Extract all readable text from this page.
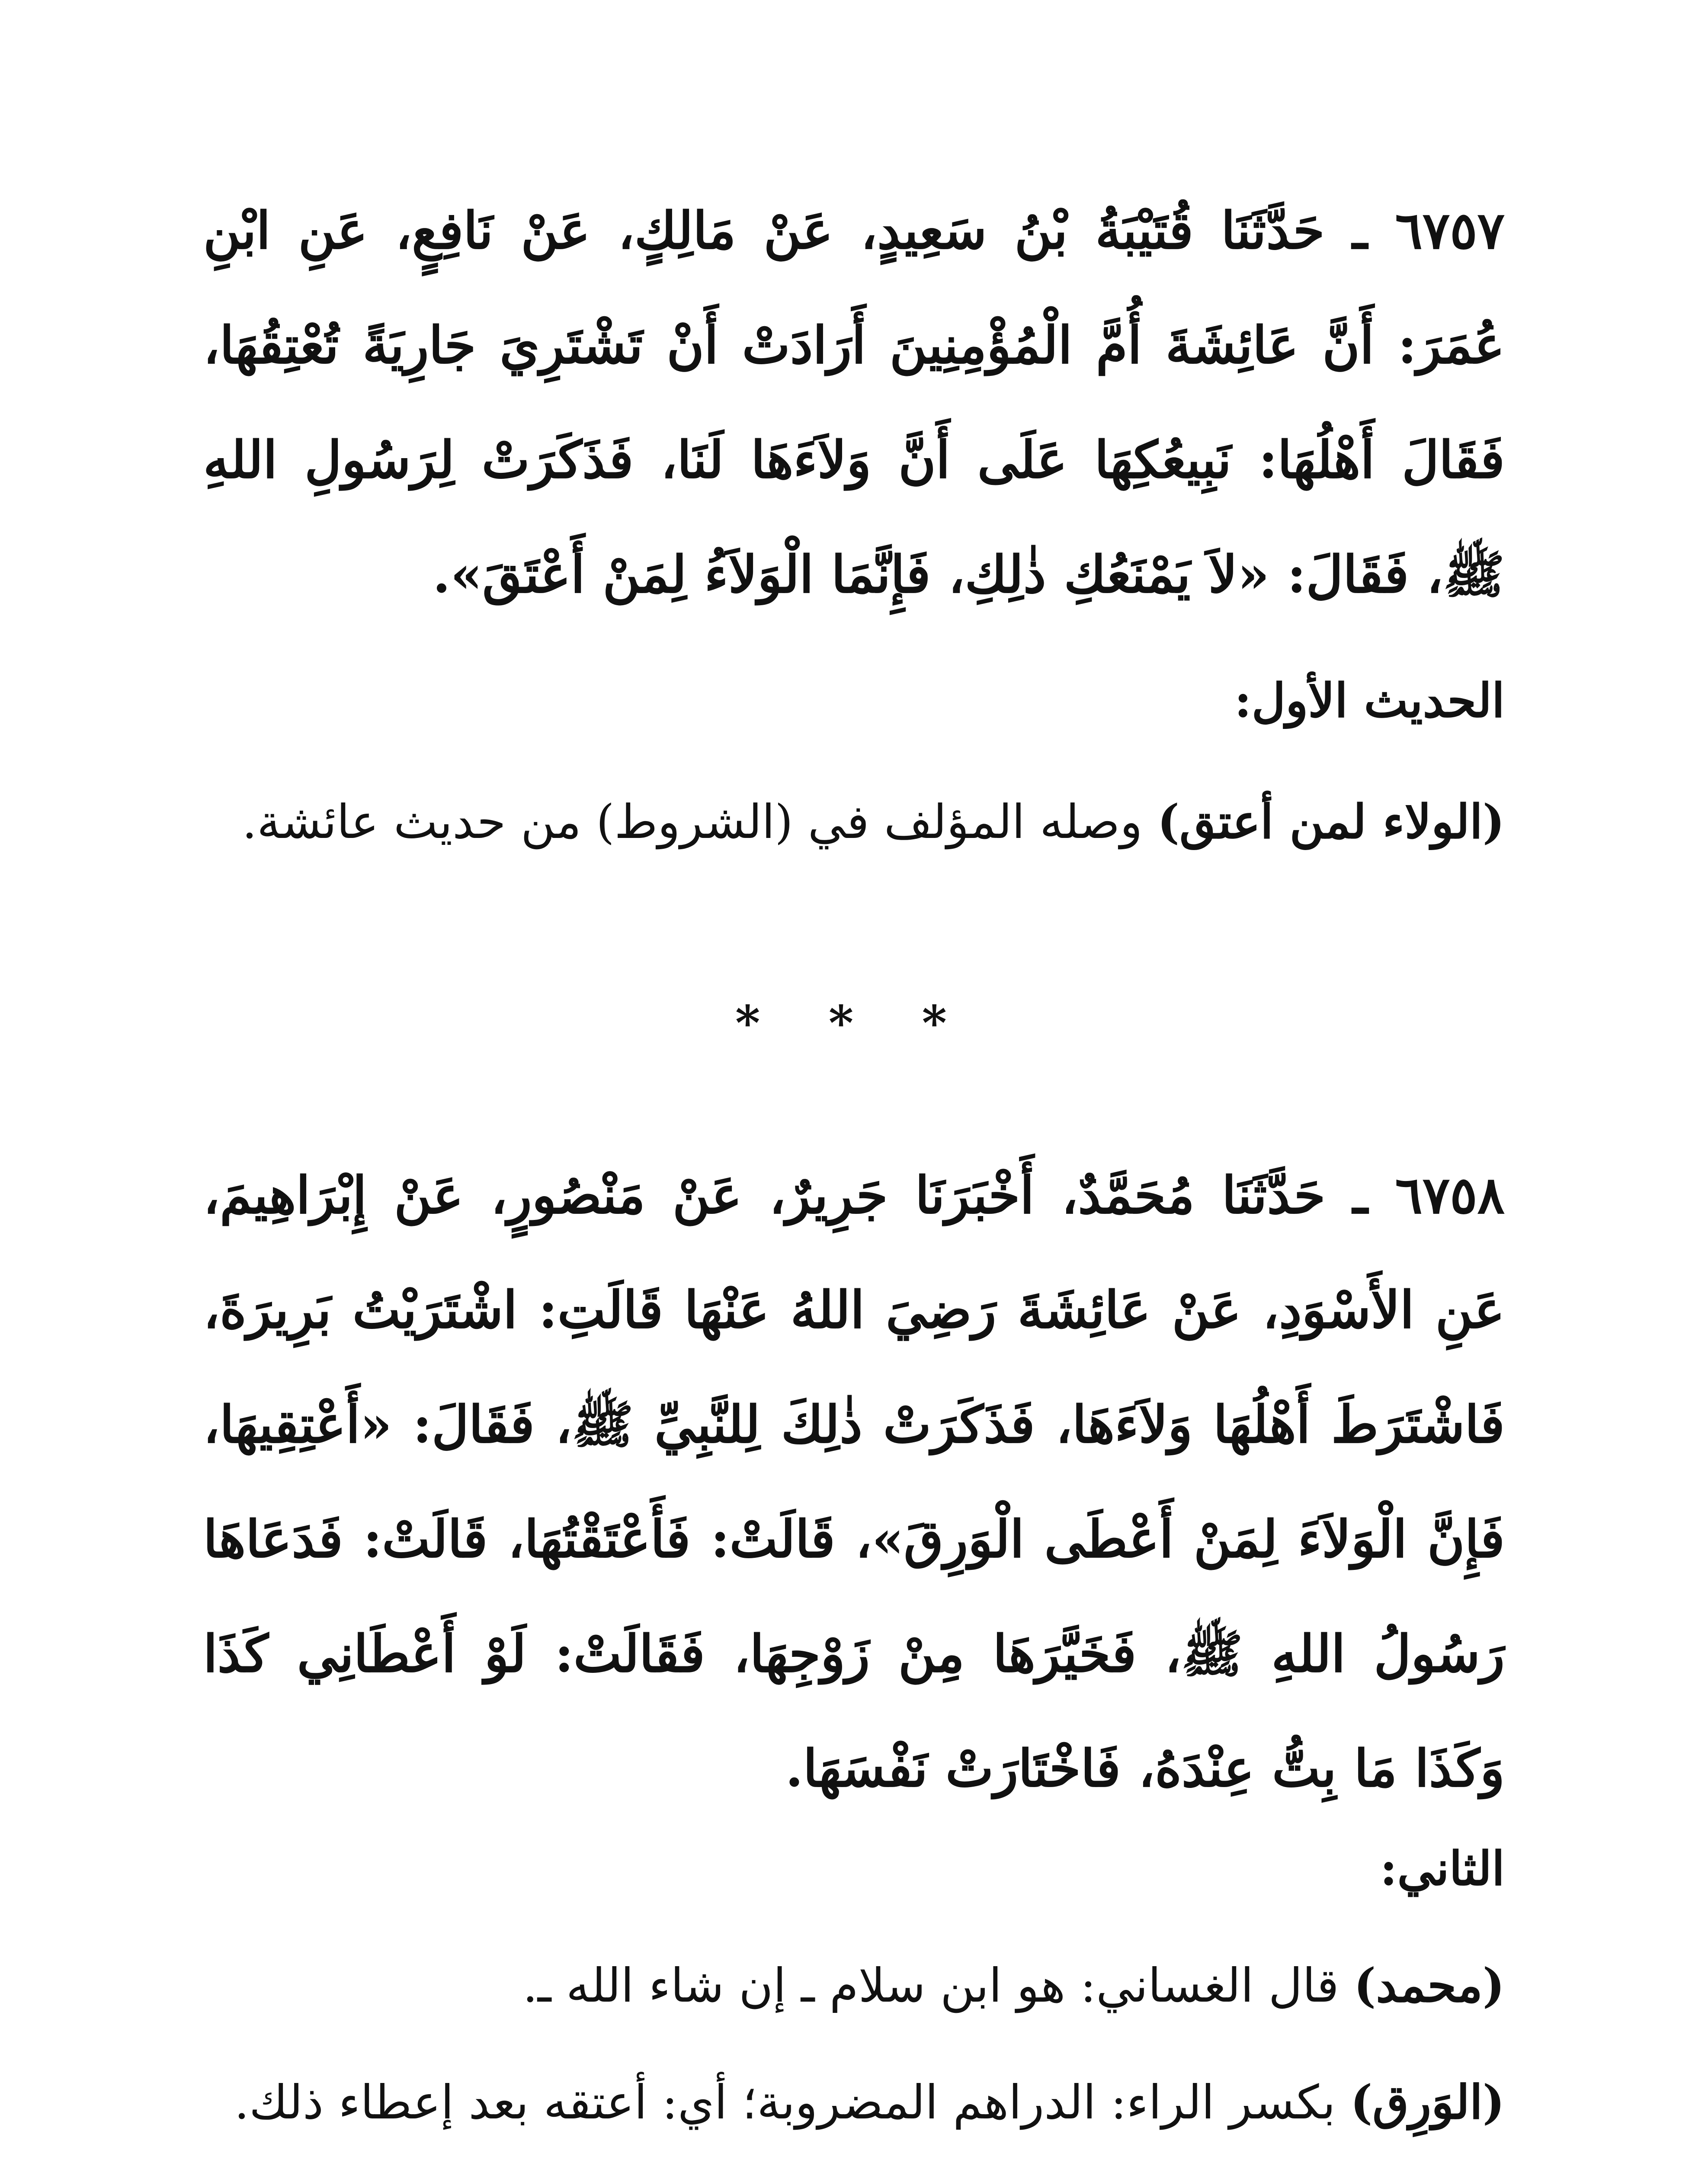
٦٧٥٧ ـ حَدَّثَنَا قُتَيْبَةُ بْنُ سَعِيدٍ، عَنْ مَالِكٍ، عَنْ نَافِعٍ، عَنِ ابْنِ عُمَرَ: أَنَّ عَائِشَةَ أُمَّ الْمُؤْمِنِينَ أَرَادَتْ أَنْ تَشْتَرِيَ جَارِيَةً تُعْتِقُهَا، فَقَالَ أَهْلُهَا: نَبِيعُكِهَا عَلَى أَنَّ وَلاَءَهَا لَنَا، فَذَكَرَتْ لِرَسُولِ اللهِ ﷺ، فَقَالَ: «لاَ يَمْنَعُكِ ذٰلِكِ، فَإِنَّمَا الْوَلاَءُ لِمَنْ أَعْتَقَ».

الحديث الأول:

(الولاء لمن أعتق) وصله المؤلف في (الشروط) من حديث عائشة.

* * *

٦٧٥٨ ـ حَدَّثَنَا مُحَمَّدٌ، أَخْبَرَنَا جَرِيرٌ، عَنْ مَنْصُورٍ، عَنْ إِبْرَاهِيمَ، عَنِ الأَسْوَدِ، عَنْ عَائِشَةَ رَضِيَ اللهُ عَنْهَا قَالَتِ: اشْتَرَيْتُ بَرِيرَةَ، فَاشْتَرَطَ أَهْلُهَا وَلاَءَهَا، فَذَكَرَتْ ذٰلِكَ لِلنَّبِيِّ ﷺ، فَقَالَ: «أَعْتِقِيهَا، فَإِنَّ الْوَلاَءَ لِمَنْ أَعْطَى الْوَرِقَ»، قَالَتْ: فَأَعْتَقْتُهَا، قَالَتْ: فَدَعَاهَا رَسُولُ اللهِ ﷺ، فَخَيَّرَهَا مِنْ زَوْجِهَا، فَقَالَتْ: لَوْ أَعْطَانِي كَذَا وَكَذَا مَا بِتُّ عِنْدَهُ، فَاخْتَارَتْ نَفْسَهَا.

الثاني:

(محمد) قال الغساني: هو ابن سلام ـ إن شاء الله ـ.

(الوَرِق) بكسر الراء: الدراهم المضروبة؛ أي: أعتقه بعد إعطاء ذلك.
